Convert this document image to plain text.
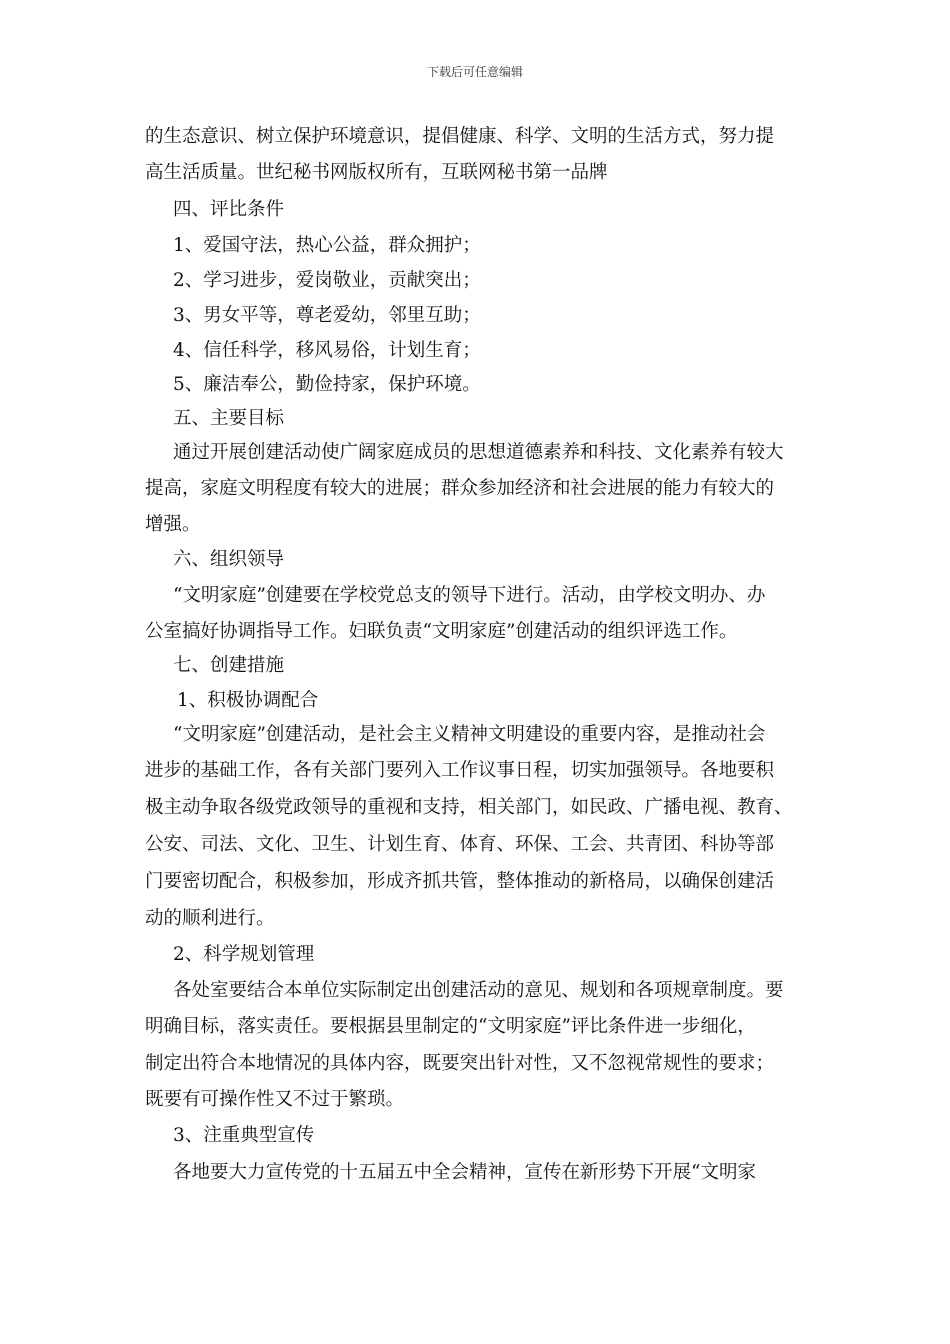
下载后可任意编辑
的生态意识、树立保护环境意识，提倡健康、科学、文明的生活方式，努力提
高生活质量。世纪秘书网版权所有，互联网秘书第一品牌
四、评比条件
1、爱国守法，热心公益，群众拥护；
2、学习进步，爱岗敬业，贡献突出；
3、男女平等，尊老爱幼，邻里互助；
4、信任科学，移风易俗，计划生育；
5、廉洁奉公，勤俭持家，保护环境。
五、主要目标
通过开展创建活动使广阔家庭成员的思想道德素养和科技、文化素养有较大
提高，家庭文明程度有较大的进展；群众参加经济和社会进展的能力有较大的
增强。
六、组织领导
“文明家庭”创建要在学校党总支的领导下进行。活动，由学校文明办、办
公室搞好协调指导工作。妇联负责“文明家庭”创建活动的组织评选工作。
七、创建措施
1、积极协调配合
“文明家庭”创建活动，是社会主义精神文明建设的重要内容，是推动社会
进步的基础工作，各有关部门要列入工作议事日程，切实加强领导。各地要积
极主动争取各级党政领导的重视和支持，相关部门，如民政、广播电视、教育、
公安、司法、文化、卫生、计划生育、体育、环保、工会、共青团、科协等部
门要密切配合，积极参加，形成齐抓共管，整体推动的新格局，以确保创建活
动的顺利进行。
2、科学规划管理
各处室要结合本单位实际制定出创建活动的意见、规划和各项规章制度。要
明确目标，落实责任。要根据县里制定的“文明家庭”评比条件进一步细化，
制定出符合本地情况的具体内容，既要突出针对性，又不忽视常规性的要求；
既要有可操作性又不过于繁琐。
3、注重典型宣传
各地要大力宣传党的十五届五中全会精神，宣传在新形势下开展“文明家
